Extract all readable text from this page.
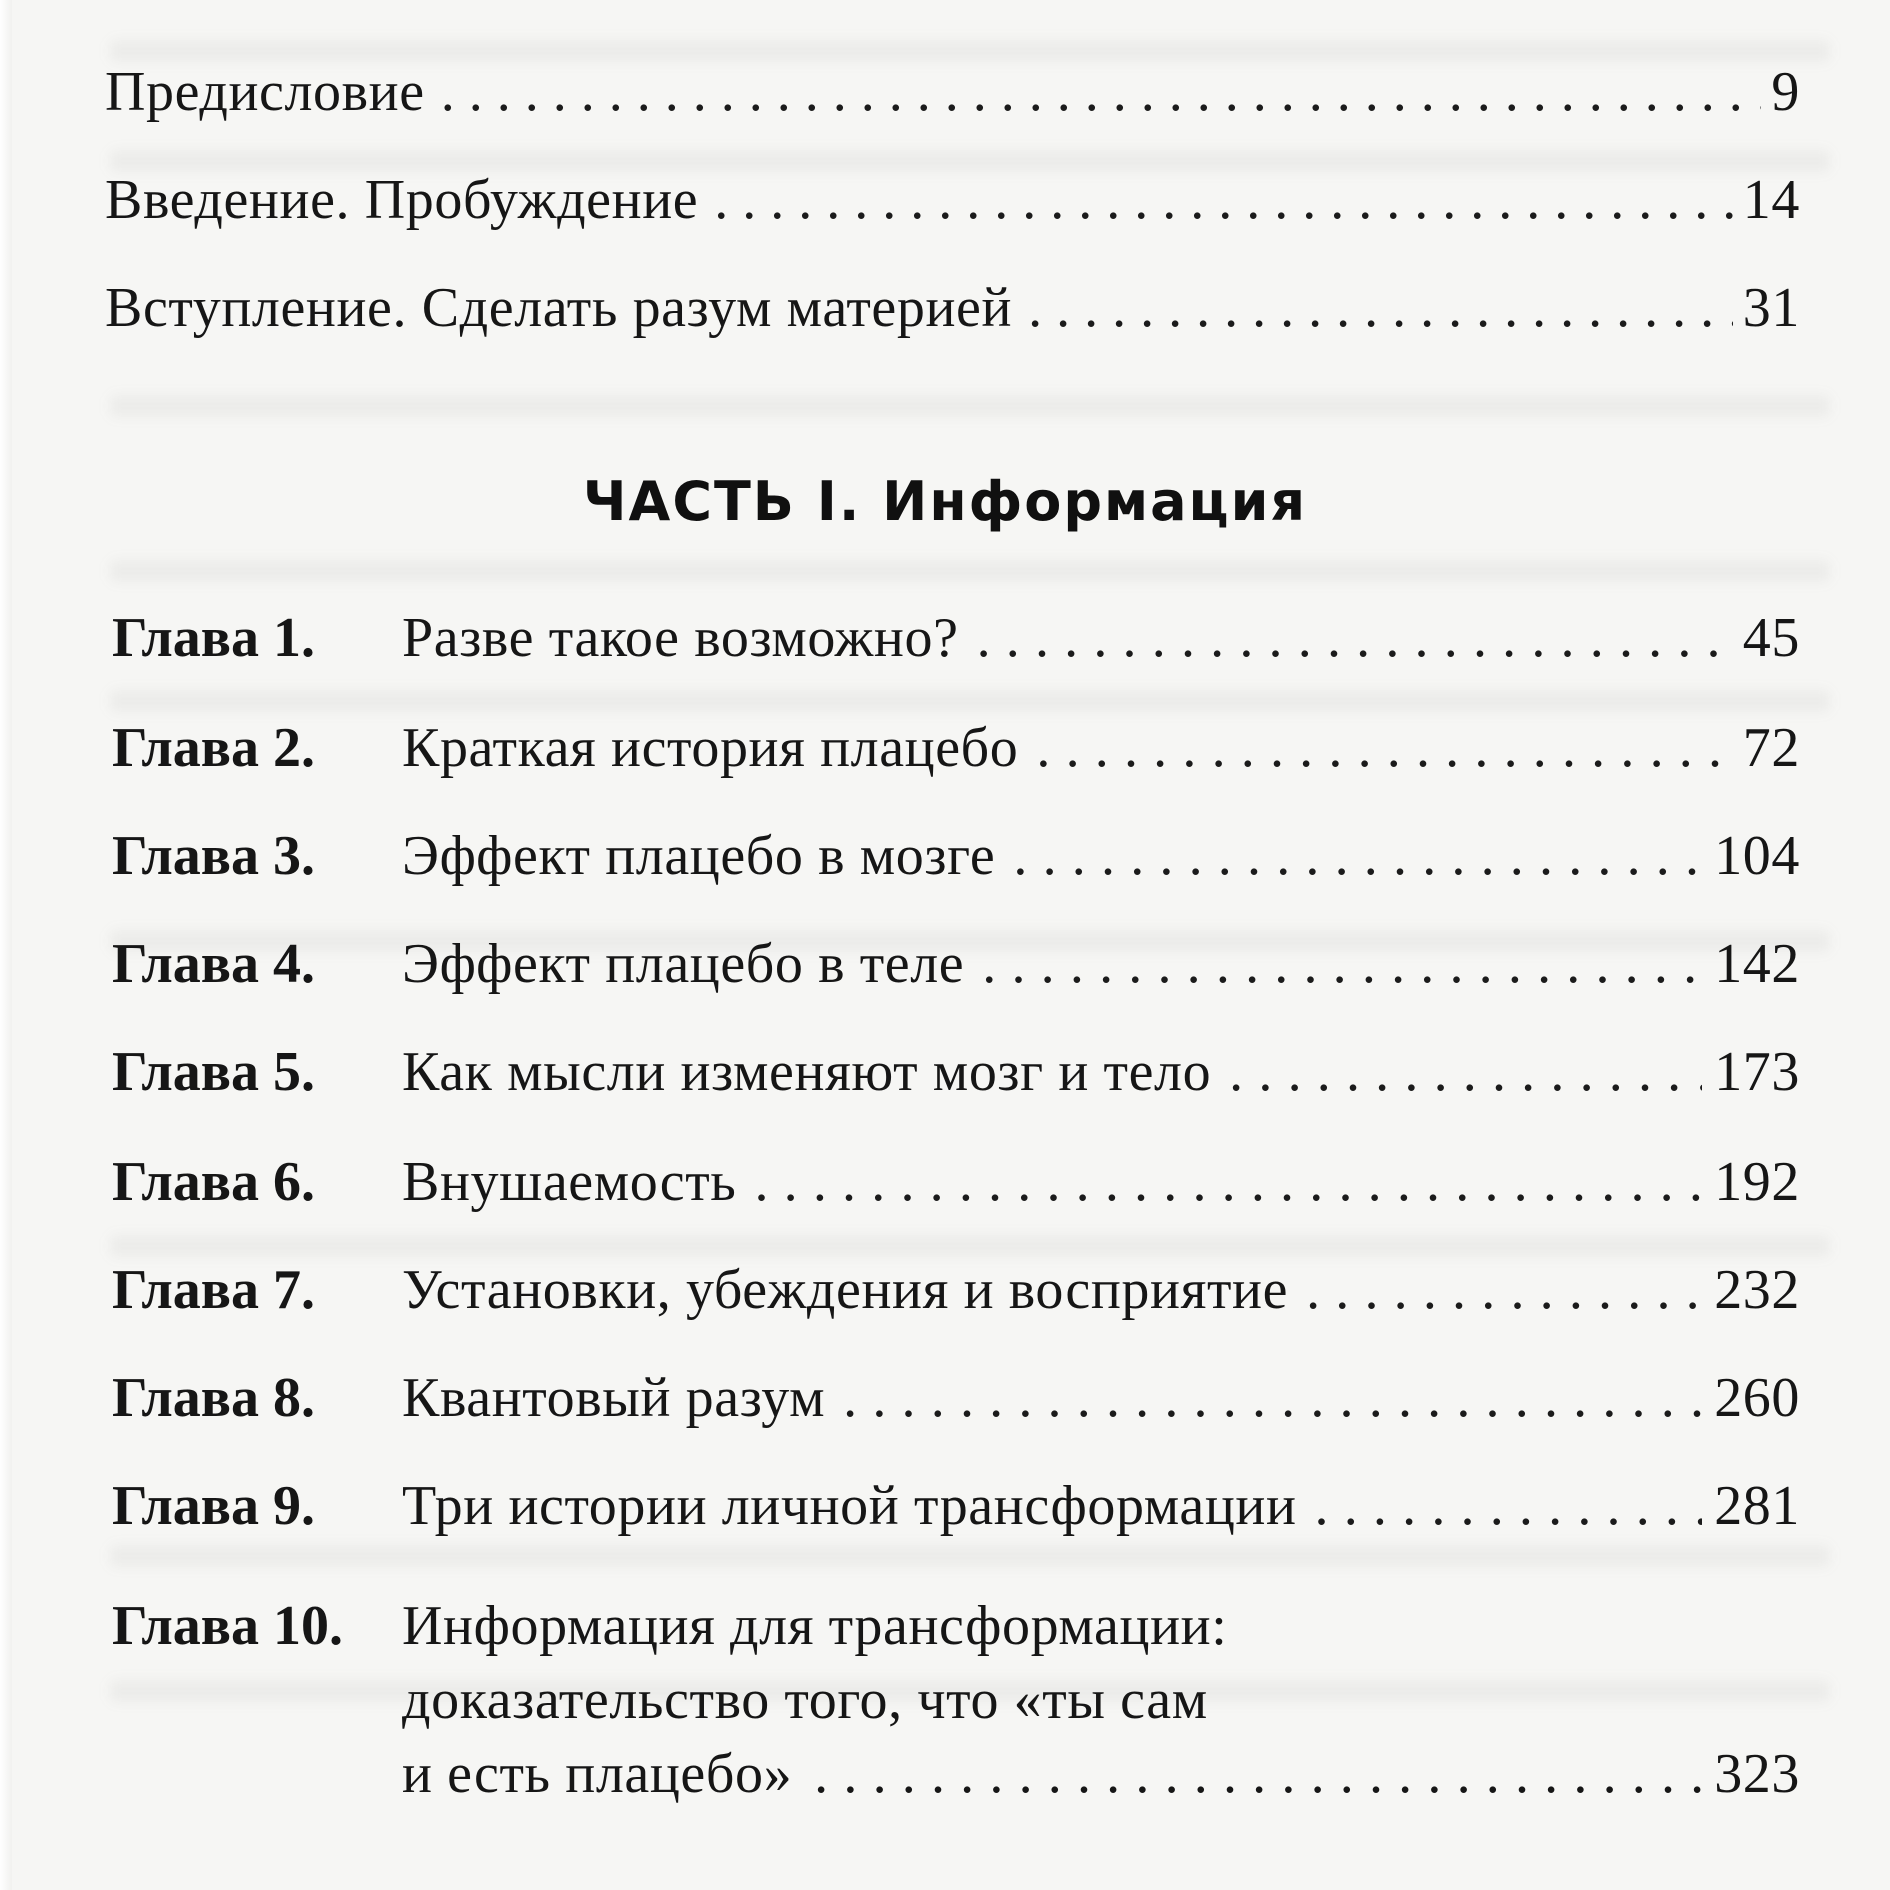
Предисловие . . .	9
Введение. Пробуждение . . .	14
Вступление. Сделать разум материей . . .	31
ЧАСТЬ I. Информация
Глава 1.	Разве такое возможно? . . .	45
Глава 2.	Краткая история плацебо . . .	72
Глава 3.	Эффект плацебо в мозге . . .	104
Глава 4.	Эффект плацебо в теле . . .	142
Глава 5.	Как мысли изменяют мозг и тело . . .	173
Глава 6.	Внушаемость . . .	192
Глава 7.	Установки, убеждения и восприятие . . .	232
Глава 8.	Квантовый разум . . .	260
Глава 9.	Три истории личной трансформации . . .	281
Глава 10.	Информация для трансформации:
доказательство того, что «ты сам
и есть плацебо» . . .	323
